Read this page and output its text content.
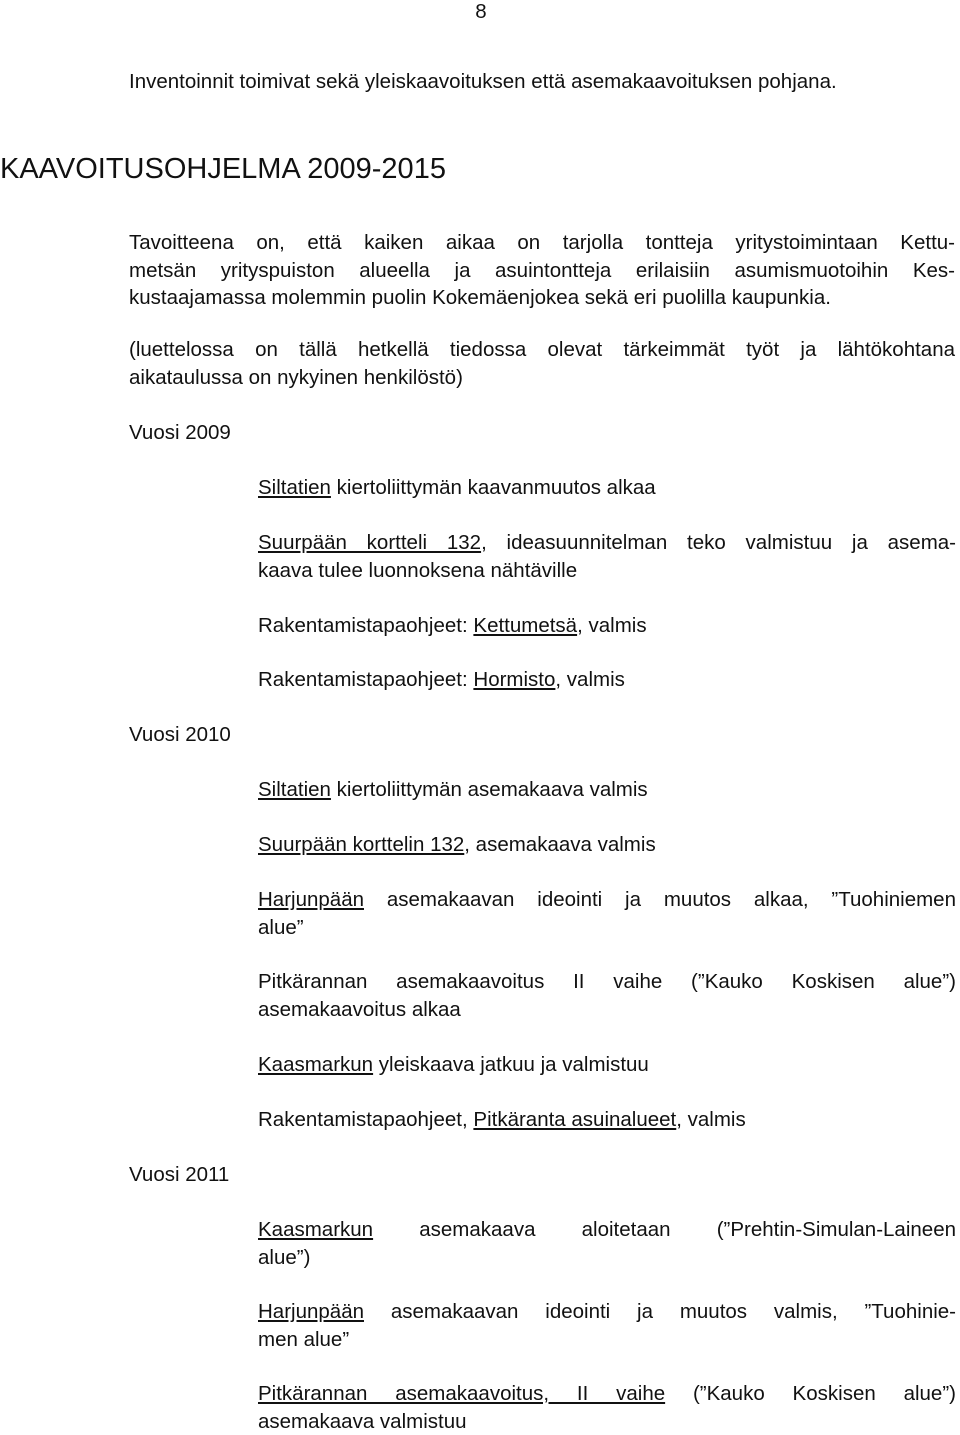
8

Inventoinnit toimivat sekä yleiskaavoituksen että asemakaavoituksen pohjana.

KAAVOITUSOHJELMA 2009-2015
Tavoitteena on, että kaiken aikaa on tarjolla tontteja yritystoimintaan Kettu-
metsän yrityspuiston alueella ja asuintontteja erilaisiin asumismuotoihin Kes-
kustaajamassa molemmin puolin Kokemäenjokea sekä eri puolilla kaupunkia.
(luettelossa on tällä hetkellä tiedossa olevat tärkeimmät työt ja lähtökohtana
aikataulussa on nykyinen henkilöstö)
Vuosi 2009
Siltatien kiertoliittymän kaavanmuutos alkaa
Suurpään kortteli 132, ideasuunnitelman teko valmistuu ja asema-
kaava tulee luonnoksena nähtäville
Rakentamistapaohjeet: Kettumetsä, valmis
Rakentamistapaohjeet: Hormisto, valmis
Vuosi 2010
Siltatien kiertoliittymän asemakaava valmis
Suurpään korttelin 132, asemakaava valmis
Harjunpään asemakaavan ideointi ja muutos alkaa, ”Tuohiniemen
alue”
Pitkärannan asemakaavoitus II vaihe (”Kauko Koskisen alue”)
asemakaavoitus alkaa
Kaasmarkun yleiskaava jatkuu ja valmistuu
Rakentamistapaohjeet, Pitkäranta asuinalueet, valmis
Vuosi 2011
Kaasmarkun asemakaava aloitetaan (”Prehtin-Simulan-Laineen
alue”)
Harjunpään asemakaavan ideointi ja muutos valmis, ”Tuohinie-
men alue”
Pitkärannan asemakaavoitus, II vaihe (”Kauko Koskisen alue”)
asemakaava valmistuu
